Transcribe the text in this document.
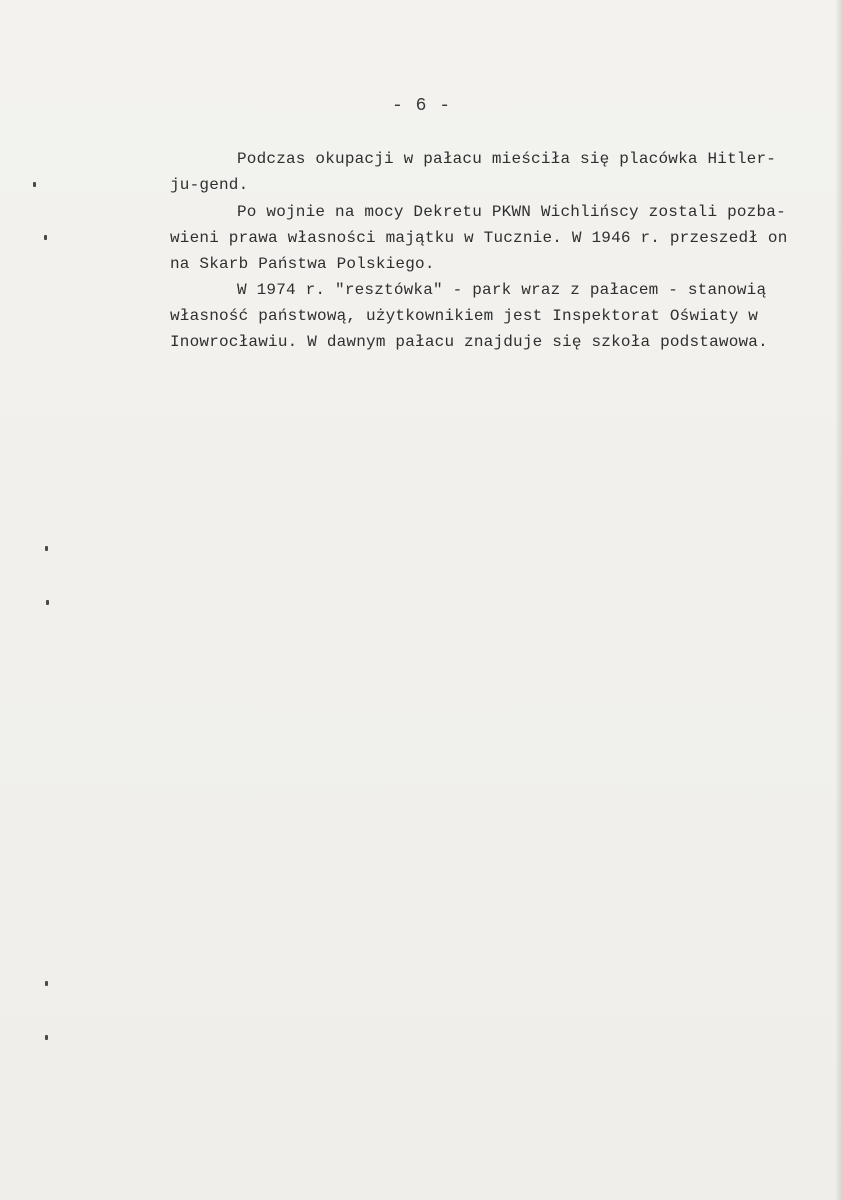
- 6 -
Podczas okupacji w pałacu mieściła się placówka Hitler-
ju-gend.
Po wojnie na mocy Dekretu PKWN Wichlińscy zostali pozba-
wieni prawa własności majątku w Tucznie. W 1946 r. przeszedł on
na Skarb Państwa Polskiego.
W 1974 r. "resztówka" - park wraz z pałacem - stanowią
własność państwową, użytkownikiem jest Inspektorat Oświaty w
Inowrocławiu. W dawnym pałacu znajduje się szkoła podstawowa.
